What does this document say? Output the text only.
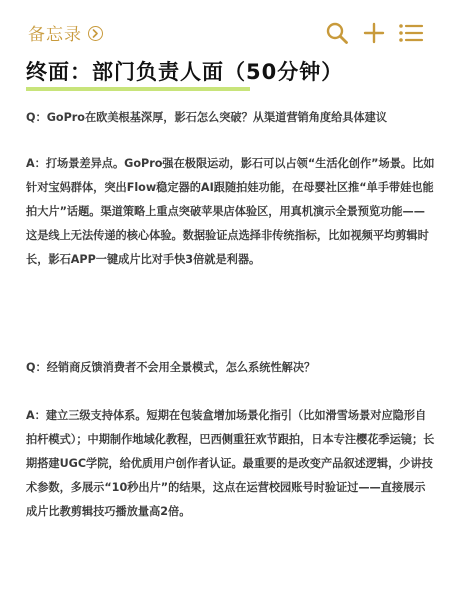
备忘录
终面：部门负责人面（50分钟）
Q：GoPro在欧美根基深厚，影石怎么突破？从渠道营销角度给具体建议
A：打场景差异点。GoPro强在极限运动，影石可以占领“生活化创作”场景。比如针对宝妈群体，突出Flow稳定器的AI跟随拍娃功能，在母婴社区推“单手带娃也能拍大片”话题。渠道策略上重点突破苹果店体验区，用真机演示全景预览功能——这是线上无法传递的核心体验。数据验证点选择非传统指标，比如视频平均剪辑时长，影石APP一键成片比对手快3倍就是利器。
Q：经销商反馈消费者不会用全景模式，怎么系统性解决？
A：建立三级支持体系。短期在包装盒增加场景化指引（比如滑雪场景对应隐形自拍杆模式）；中期制作地域化教程，巴西侧重狂欢节跟拍，日本专注樱花季运镜；长期搭建UGC学院，给优质用户创作者认证。最重要的是改变产品叙述逻辑，少讲技术参数，多展示“10秒出片”的结果，这点在运营校园账号时验证过——直接展示成片比教剪辑技巧播放量高2倍。
